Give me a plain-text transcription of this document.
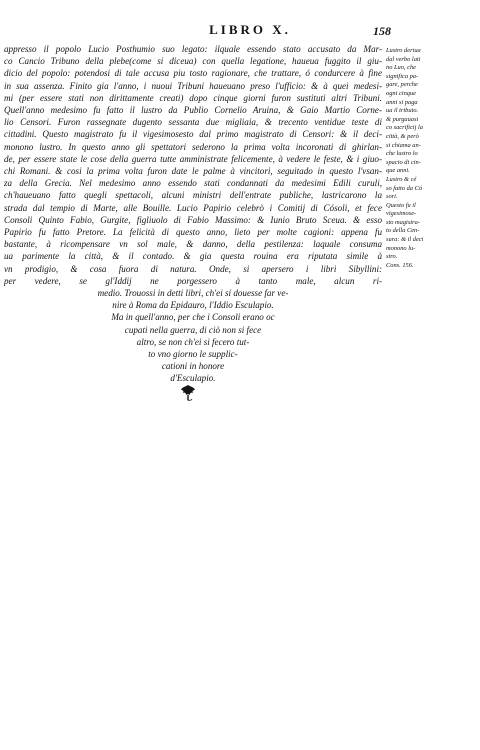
LIBRO X.	158
appresso il popolo Lucio Posthumio suo legato: ilquale essendo stato accusato da Mar-
co Cancio Tribuno della plebe(come si diceua) con quella legatione, haueua fuggito il giu-
dicio del popolo: potendosi di tale accusa piu tosto ragionare, che trattare, ó condurcere à fine
in sua assenza. Finito gia l'anno, i nuoui Tribuni haueuano preso l'ufficio: & à quei medesi-
mi (per essere stati non dirittamente creati) dopo cinque giorni furon sustituti altri Tribuni.
Quell'anno medesimo fu fatto il lustro da Publio Cornelio Aruina, & Gaio Martio Corne-
lio Censori. Furon rassegnate dugento sessanta due migliaia, & trecento ventidue teste di
cittadini. Questo magistrato fu il vigesimosesto dal primo magistrato di Censori: & il deci-
monono lustro. In questo anno gli spettatori sederono la prima volta incoronati di ghirlan-
de, per essere state le cose della guerra tutte amministrate felicemente, à vedere le feste, & i giuo-
chi Romani. & cosi la prima volta furon date le palme à vincitori, seguitado in questo l'vsan-
za della Grecia. Nel medesimo anno essendo stati condannati da medesimi Edili curuli,
ch'haueuano fatto quegli spettacoli, alcuni ministri dell'entrate publiche, lastricarono la
strada dal tempio di Marte, alle Bouille. Lucio Papirio celebrò i Comitij di Cósoli, et fece
Consoli Quinto Fabio, Gurgite, figliuolo di Fabio Massimo: & Iunio Bruto Sceua. & esso
Papirio fu fatto Pretore. La felicità di questo anno, lieto per molte cagioni: appena fu
bastante, à ricompensare vn sol male, & danno, della pestilenza: laquale consuma
ua parimente la città, & il contado. & gia questa rouina era riputata simile à
vn prodigio, & cosa fuora di natura. Onde, si apersero i libri Sibyllini:
per vedere, se gl'Iddij ne porgessero à tanto male, alcun ri-
medio. Trouossi in detti libri, ch'ei si douesse far ve-
nire à Roma da Epidauro, l'Iddio Esculapio.
Ma in quell'anno, per che i Consoli erano oc
cupati nella guerra, di ciò non si fece
altro, se non ch'ei si fecero tut-
to vno giorno le supplic-
cationi in honore
d'Esculapio.
Lustro deriua
dal verbo lati
no Luo, che
significa pa-
gare, perche
ogni cinque
anni si paga
ua il tributo.
& purgauasi
co sacrificij la
città, & però
si chiama an-
che lustro lo
spacio di cin-
que anni.
Lustro & cé
so fatto da Có
sori.
Questo fu il
vigesimose-
sto magistra-
to della Cen-
sura: & il deci
monono lu-
stro.
Cons. 156.
